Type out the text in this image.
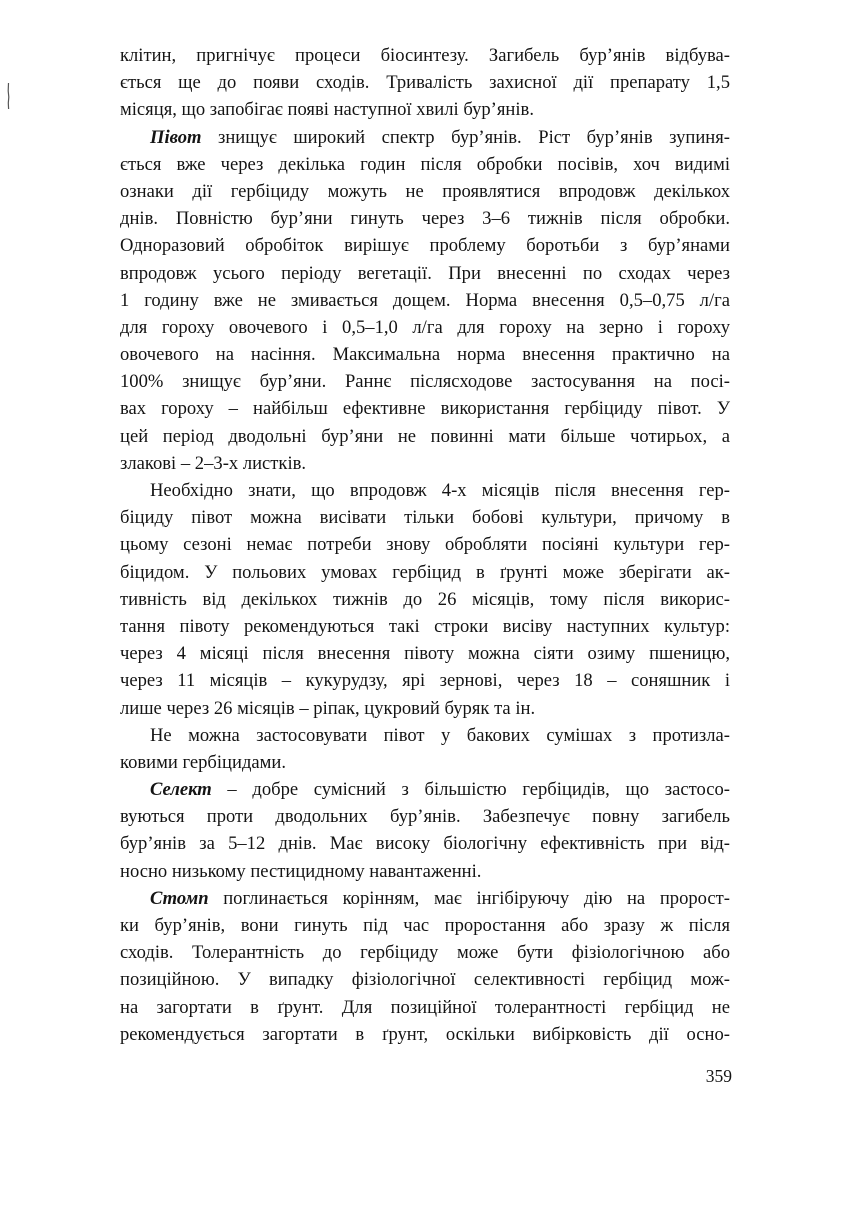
клітин, пригнічує процеси біосинтезу. Загибель бур’янів відбува-
ється ще до появи сходів. Тривалість захисної дії препарату 1,5
місяця, що запобігає появі наступної хвилі бур’янів.
Півот знищує широкий спектр бур’янів. Ріст бур’янів зупиня-
ється вже через декілька годин після обробки посівів, хоч видимі
ознаки дії гербіциду можуть не проявлятися впродовж декількох
днів. Повністю бур’яни гинуть через 3–6 тижнів після обробки.
Одноразовий обробіток вирішує проблему боротьби з бур’янами
впродовж усього періоду вегетації. При внесенні по сходах через
1 годину вже не змивається дощем. Норма внесення 0,5–0,75 л/га
для гороху овочевого і 0,5–1,0 л/га для гороху на зерно і гороху
овочевого на насіння. Максимальна норма внесення практично на
100% знищує бур’яни. Раннє післясходове застосування на посі-
вах гороху – найбільш ефективне використання гербіциду півот. У
цей період дводольні бур’яни не повинні мати більше чотирьох, а
злакові – 2–3-х листків.
Необхідно знати, що впродовж 4-х місяців після внесення гер-
біциду півот можна висівати тільки бобові культури, причому в
цьому сезоні немає потреби знову обробляти посіяні культури гер-
біцидом. У польових умовах гербіцид в ґрунті може зберігати ак-
тивність від декількох тижнів до 26 місяців, тому після викорис-
тання півоту рекомендуються такі строки висіву наступних культур:
через 4 місяці після внесення півоту можна сіяти озиму пшеницю,
через 11 місяців – кукурудзу, ярі зернові, через 18 – соняшник і
лише через 26 місяців – ріпак, цукровий буряк та ін.
Не можна застосовувати півот у бакових сумішах з протизла-
ковими гербіцидами.
Селект – добре сумісний з більшістю гербіцидів, що застосо-
вуються проти дводольних бур’янів. Забезпечує повну загибель
бур’янів за 5–12 днів. Має високу біологічну ефективність при від-
носно низькому пестицидному навантаженні.
Стомп поглинається корінням, має інгібіруючу дію на пророст-
ки бур’янів, вони гинуть під час проростання або зразу ж після
сходів. Толерантність до гербіциду може бути фізіологічною або
позиційною. У випадку фізіологічної селективності гербіцид мож-
на загортати в ґрунт. Для позиційної толерантності гербіцид не
рекомендується загортати в ґрунт, оскільки вибірковість дії осно-
359
